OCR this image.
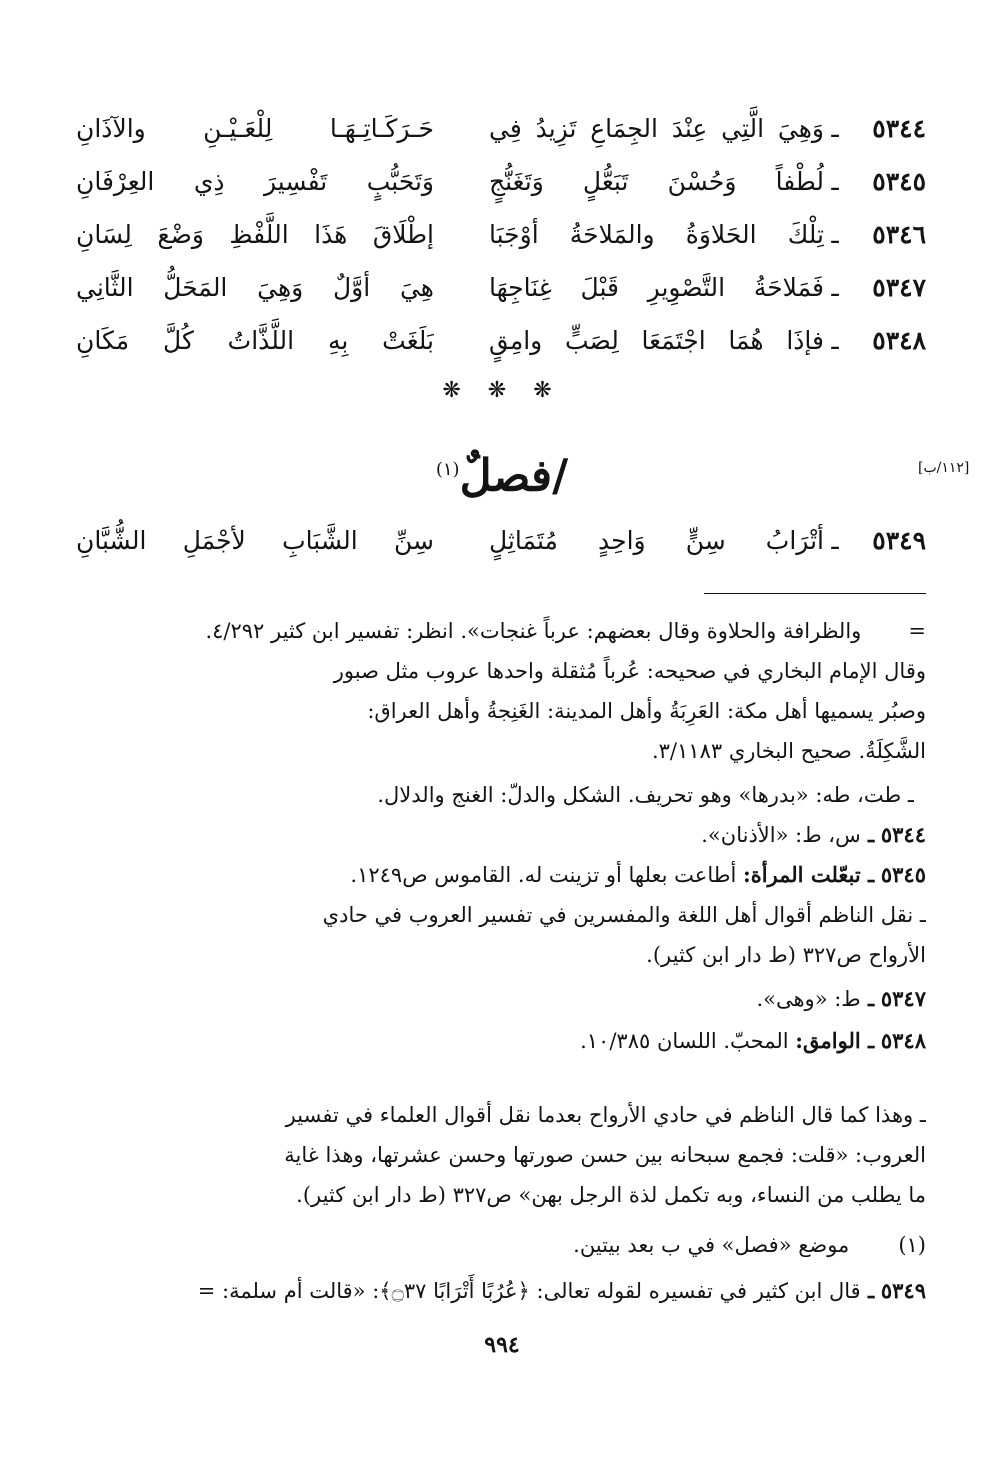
٥٣٤٤
ـ
وَهِيَ الَّتِي عِنْدَ الجِمَاعِ تَزِيدُ فِي
حَـرَكَـاتِـهَـا لِلْعَـيْـنِ والآذَانِ
٥٣٤٥
ـ
لُطْفاً وَحُسْنَ تَبَعُّلٍ وَتَغَنُّجٍ
وَتَحَبُّبٍ تَفْسِيرَ ذِي العِرْفَانِ
٥٣٤٦
ـ
تِلْكَ الحَلاوَةُ والمَلاحَةُ أوْجَبَا
إطْلَاقَ هَذَا اللَّفْظِ وَضْعَ لِسَانِ
٥٣٤٧
ـ
فَمَلاحَةُ التَّصْوِيرِ قَبْلَ غِنَاجِهَا
هِيَ أوَّلٌ وَهِيَ المَحَلُّ الثَّانِي
٥٣٤٨
ـ
فإذَا هُمَا اجْتَمَعَا لِصَبٍّ وامِقٍ
بَلَغَتْ بِهِ اللَّذَّاتُ كُلَّ مَكَانِ
❋ ❋ ❋
[١١٢/ب]
/فصلٌ$^{(١)}$
٥٣٤٩
ـ
أتْرَابُ سِنٍّ وَاحِدٍ مُتَمَاثِلٍ
سِنِّ الشَّبَابِ لأجْمَلِ الشُّبَّانِ
= والظرافة والحلاوة وقال بعضهم: عرباً غنجات». انظر: تفسير ابن كثير ٤/٢٩٢.
وقال الإمام البخاري في صحيحه: عُرباً مُثقلة واحدها عروب مثل صبور
وصبُر يسميها أهل مكة: العَرِبَةُ وأهل المدينة: الغَنِجةُ وأهل العراق:
الشَّكِلَةُ. صحيح البخاري ٣/١١٨٣.
ـ طت، طه: «بدرها» وهو تحريف. الشكل والدلّ: الغنج والدلال.
٥٣٤٤ ـ س، ط: «الأذنان».
٥٣٤٥ ـ تبعّلت المرأة: أطاعت بعلها أو تزينت له. القاموس ص١٢٤٩.
ـ نقل الناظم أقوال أهل اللغة والمفسرين في تفسير العروب في حادي
الأرواح ص٣٢٧ (ط دار ابن كثير).
٥٣٤٧ ـ ط: «وهى».
٥٣٤٨ ـ الوامق: المحبّ. اللسان ١٠/٣٨٥.
ـ وهذا كما قال الناظم في حادي الأرواح بعدما نقل أقوال العلماء في تفسير
العروب: «قلت: فجمع سبحانه بين حسن صورتها وحسن عشرتها، وهذا غاية
ما يطلب من النساء، وبه تكمل لذة الرجل بهن» ص٣٢٧ (ط دار ابن كثير).
(١) موضع «فصل» في ب بعد بيتين.
٥٣٤٩ ـ قال ابن كثير في تفسيره لقوله تعالى: ﴿عُرُبًا أَتْرَابًا ۝٣٧﴾: «قالت أم سلمة: =
٩٩٤
